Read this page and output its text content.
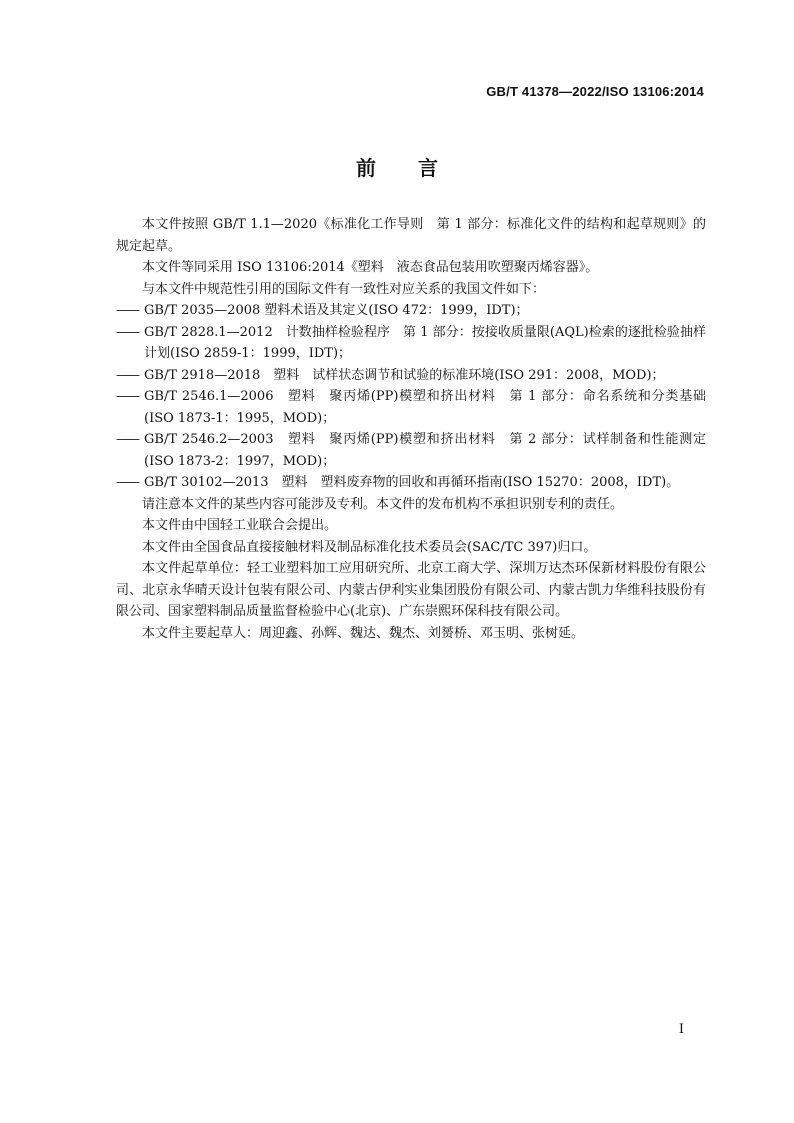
GB/T 41378—2022/ISO 13106:2014
前言

本文件按照 GB/T 1.1—2020《标准化工作导则　第 1 部分：标准化文件的结构和起草规则》的规定起草。

本文件等同采用 ISO 13106:2014《塑料　液态食品包装用吹塑聚丙烯容器》。

与本文件中规范性引用的国际文件有一致性对应关系的我国文件如下：

—— GB/T 2035—2008 塑料术语及其定义(ISO 472：1999，IDT)；

—— GB/T 2828.1—2012　计数抽样检验程序　第 1 部分：按接收质量限(AQL)检索的逐批检验抽样计划(ISO 2859-1：1999，IDT)；

—— GB/T 2918—2018　塑料　试样状态调节和试验的标准环境(ISO 291：2008，MOD)；

—— GB/T 2546.1—2006　塑料　聚丙烯(PP)模塑和挤出材料　第 1 部分：命名系统和分类基础(ISO 1873-1：1995，MOD)；

—— GB/T 2546.2—2003　塑料　聚丙烯(PP)模塑和挤出材料　第 2 部分：试样制备和性能测定(ISO 1873-2：1997，MOD)；

—— GB/T 30102—2013　塑料　塑料废弃物的回收和再循环指南(ISO 15270：2008，IDT)。

请注意本文件的某些内容可能涉及专利。本文件的发布机构不承担识别专利的责任。

本文件由中国轻工业联合会提出。

本文件由全国食品直接接触材料及制品标准化技术委员会(SAC/TC 397)归口。

本文件起草单位：轻工业塑料加工应用研究所、北京工商大学、深圳万达杰环保新材料股份有限公司、北京永华晴天设计包装有限公司、内蒙古伊利实业集团股份有限公司、内蒙古凯力华维科技股份有限公司、国家塑料制品质量监督检验中心(北京)、广东崇熙环保科技有限公司。

本文件主要起草人：周迎鑫、孙辉、魏达、魏杰、刘赟桥、邓玉明、张树延。

I
